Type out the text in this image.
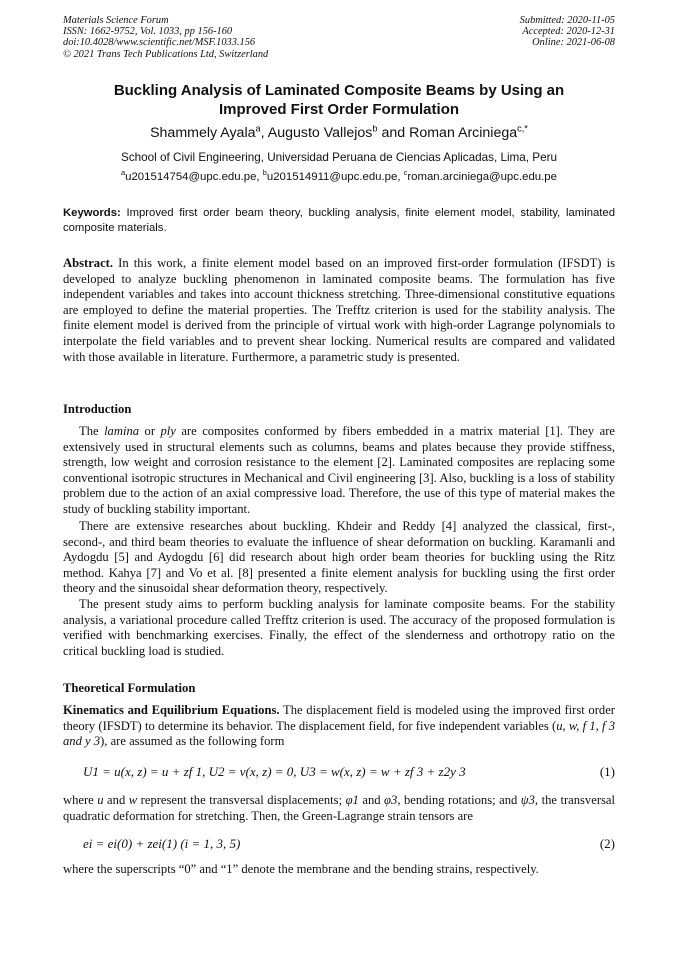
Materials Science Forum
ISSN: 1662-9752, Vol. 1033, pp 156-160
doi:10.4028/www.scientific.net/MSF.1033.156
© 2021 Trans Tech Publications Ltd, Switzerland
Submitted: 2020-11-05
Accepted: 2020-12-31
Online: 2021-06-08
Buckling Analysis of Laminated Composite Beams by Using an
Improved First Order Formulation
Shammely Ayala$^a$, Augusto Vallejos$^b$ and Roman Arciniega$^{c,*}$
School of Civil Engineering, Universidad Peruana de Ciencias Aplicadas, Lima, Peru
$^a$u201514754@upc.edu.pe, $^b$u201514911@upc.edu.pe, $^c$roman.arciniega@upc.edu.pe
Keywords: Improved first order beam theory, buckling analysis, finite element model, stability, laminated composite materials.
Abstract. In this work, a finite element model based on an improved first-order formulation (IFSDT) is developed to analyze buckling phenomenon in laminated composite beams. The formulation has five independent variables and takes into account thickness stretching. Three-dimensional constitutive equations are employed to define the material properties. The Trefftz criterion is used for the stability analysis. The finite element model is derived from the principle of virtual work with high-order Lagrange polynomials to interpolate the field variables and to prevent shear locking. Numerical results are compared and validated with those available in literature. Furthermore, a parametric study is presented.
Introduction
The lamina or ply are composites conformed by fibers embedded in a matrix material [1]. They are extensively used in structural elements such as columns, beams and plates because they provide stiffness, strength, low weight and corrosion resistance to the element [2]. Laminated composites are replacing some conventional isotropic structures in Mechanical and Civil engineering [3]. Also, buckling is a loss of stability problem due to the action of an axial compressive load. Therefore, the use of this type of material makes the study of buckling stability important.
There are extensive researches about buckling. Khdeir and Reddy [4] analyzed the classical, first-, second-, and third beam theories to evaluate the influence of shear deformation on buckling. Karamanli and Aydogdu [5] and Aydogdu [6] did research about high order beam theories for buckling using the Ritz method. Kahya [7] and Vo et al. [8] presented a finite element analysis for buckling using the first order theory and the sinusoidal shear deformation theory, respectively.
The present study aims to perform buckling analysis for laminate composite beams. For the stability analysis, a variational procedure called Trefftz criterion is used. The accuracy of the proposed formulation is verified with benchmarking exercises. Finally, the effect of the slenderness and orthotropy ratio on the critical buckling load is studied.
Theoretical Formulation
Kinematics and Equilibrium Equations. The displacement field is modeled using the improved first order theory (IFSDT) to determine its behavior. The displacement field, for five independent variables (u, w, f 1, f 3 and y 3), are assumed as the following form
U1 = u(x, z) = u + zf 1, U2 = v(x, z) = 0, U3 = w(x, z) = w + zf 3 + z2y 3	(1)
where u and w represent the transversal displacements; φ1 and φ3, bending rotations; and ψ3, the transversal quadratic deformation for stretching. Then, the Green-Lagrange strain tensors are
ei = ei(0) + zei(1) (i = 1, 3, 5)	(2)
where the superscripts “0” and “1” denote the membrane and the bending strains, respectively.
